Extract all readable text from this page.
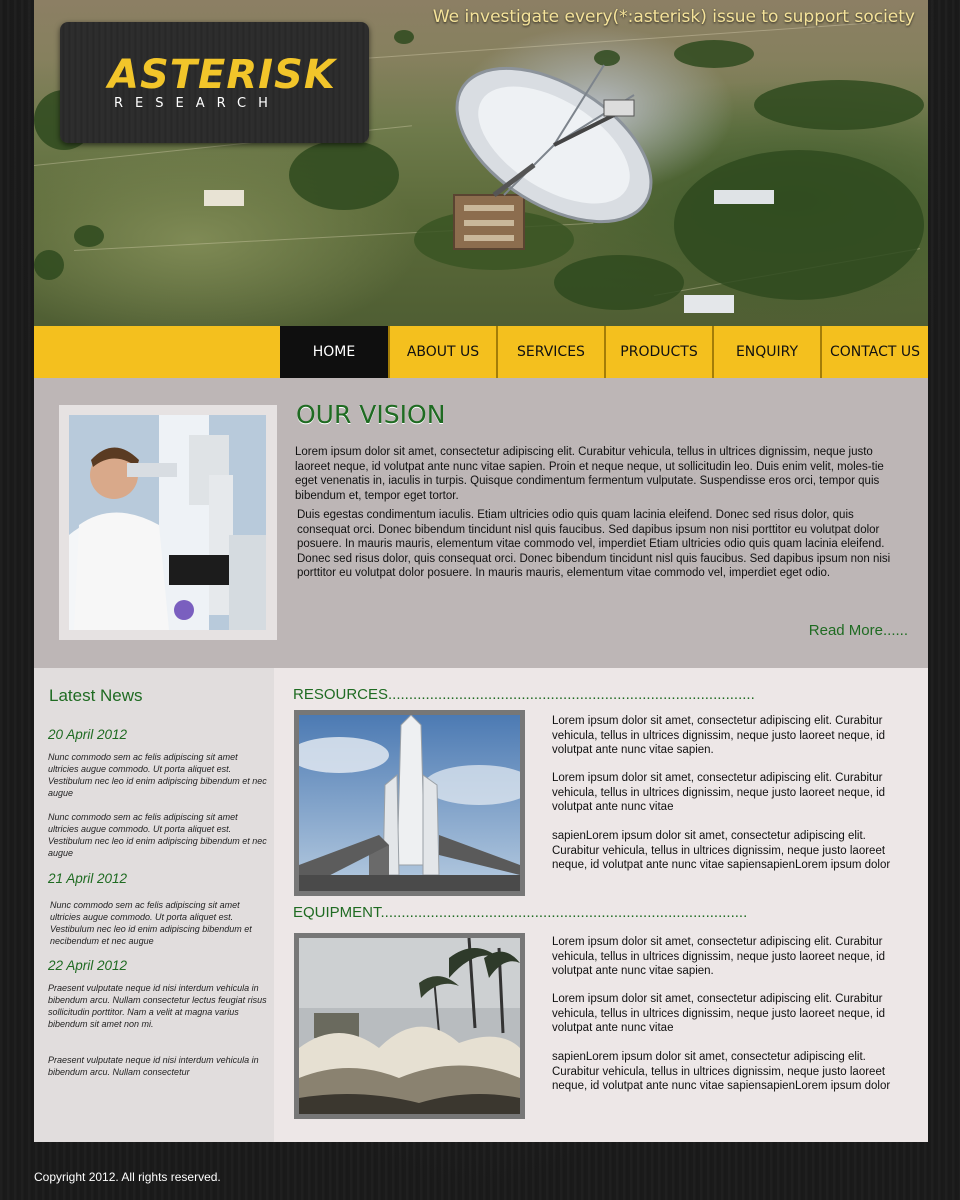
ASTERISK
RESEARCH
We investigate every(*:asterisk) issue to support society
HOME	ABOUT US	SERVICES	PRODUCTS	ENQUIRY	CONTACT US
OUR VISION

Lorem ipsum dolor sit amet, consectetur adipiscing elit. Curabitur vehicula, tellus in ultrices dignissim, neque justo laoreet neque, id volutpat ante nunc vitae sapien. Proin et neque neque, ut sollicitudin leo. Duis enim velit, moles-tie eget venenatis in, iaculis in turpis. Quisque condimentum fermentum vulputate. Suspendisse eros orci, tempor quis bibendum et, tempor eget tortor.

Duis egestas condimentum iaculis. Etiam ultricies odio quis quam lacinia eleifend. Donec sed risus dolor, quis consequat orci. Donec bibendum tincidunt nisl quis faucibus. Sed dapibus ipsum non nisi porttitor eu volutpat dolor posuere. In mauris mauris, elementum vitae commodo vel, imperdiet Etiam ultricies odio quis quam lacinia eleifend. Donec sed risus dolor, quis consequat orci. Donec bibendum tincidunt nisl quis faucibus. Sed dapibus ipsum non nisi porttitor eu volutpat dolor posuere. In mauris mauris, elementum vitae commodo vel, imperdiet eget odio.

Read More......
Latest News
20 April 2012

Nunc commodo sem ac felis adipiscing sit amet ultricies augue commodo. Ut porta aliquet est. Vestibulum nec leo id enim adipiscing bibendum et nec augue

Nunc commodo sem ac felis adipiscing sit amet ultricies augue commodo. Ut porta aliquet est. Vestibulum nec leo id enim adipiscing bibendum et nec augue

21 April 2012

Nunc commodo sem ac felis adipiscing sit amet ultricies augue commodo. Ut porta aliquet est. Vestibulum nec leo id enim adipiscing bibendum et necibendum et nec augue

22 April 2012

Praesent vulputate neque id nisi interdum vehicula in bibendum arcu. Nullam consectetur lectus feugiat risus sollicitudin porttitor. Nam a velit at magna varius bibendum sit amet non mi.

Praesent vulputate neque id nisi interdum vehicula in bibendum arcu. Nullam consectetur

RESOURCES........................................................................................

Lorem ipsum dolor sit amet, consectetur adipiscing elit. Curabitur vehicula, tellus in ultrices dignissim, neque justo laoreet neque, id volutpat ante nunc vitae sapien.

Lorem ipsum dolor sit amet, consectetur adipiscing elit. Curabitur vehicula, tellus in ultrices dignissim, neque justo laoreet neque, id volutpat ante nunc vitae

sapienLorem ipsum dolor sit amet, consectetur adipiscing elit. Curabitur vehicula, tellus in ultrices dignissim, neque justo laoreet neque, id volutpat ante nunc vitae sapiensapienLorem ipsum dolor

EQUIPMENT........................................................................................

Lorem ipsum dolor sit amet, consectetur adipiscing elit. Curabitur vehicula, tellus in ultrices dignissim, neque justo laoreet neque, id volutpat ante nunc vitae sapien.

Lorem ipsum dolor sit amet, consectetur adipiscing elit. Curabitur vehicula, tellus in ultrices dignissim, neque justo laoreet neque, id volutpat ante nunc vitae

sapienLorem ipsum dolor sit amet, consectetur adipiscing elit. Curabitur vehicula, tellus in ultrices dignissim, neque justo laoreet neque, id volutpat ante nunc vitae sapiensapienLorem ipsum dolor

Copyright 2012. All rights reserved.
